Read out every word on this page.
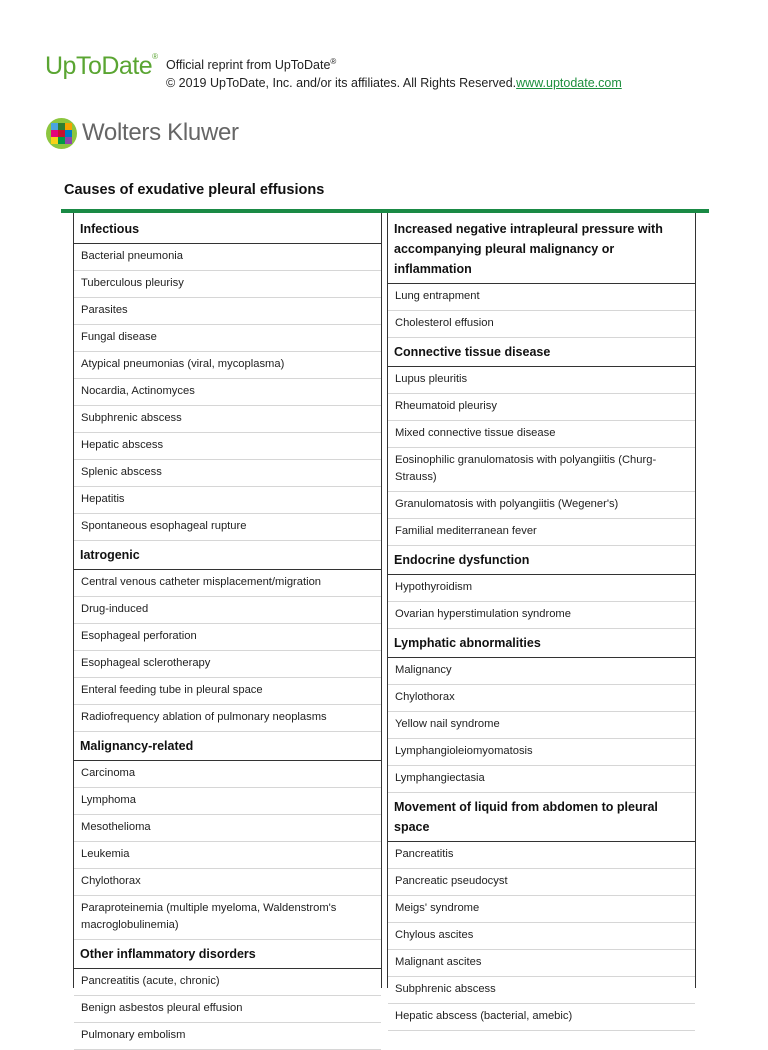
UpToDate®
Official reprint from UpToDate®
© 2019 UpToDate, Inc. and/or its affiliates. All Rights Reserved.www.uptodate.com
Wolters Kluwer
Causes of exudative pleural effusions
Infectious
Bacterial pneumonia
Tuberculous pleurisy
Parasites
Fungal disease
Atypical pneumonias (viral, mycoplasma)
Nocardia, Actinomyces
Subphrenic abscess
Hepatic abscess
Splenic abscess
Hepatitis
Spontaneous esophageal rupture
Iatrogenic
Central venous catheter misplacement/migration
Drug-induced
Esophageal perforation
Esophageal sclerotherapy
Enteral feeding tube in pleural space
Radiofrequency ablation of pulmonary neoplasms
Malignancy-related
Carcinoma
Lymphoma
Mesothelioma
Leukemia
Chylothorax
Paraproteinemia (multiple myeloma, Waldenstrom's macroglobulinemia)
Other inflammatory disorders
Pancreatitis (acute, chronic)
Benign asbestos pleural effusion
Pulmonary embolism
Increased negative intrapleural pressure with accompanying pleural malignancy or inflammation
Lung entrapment
Cholesterol effusion
Connective tissue disease
Lupus pleuritis
Rheumatoid pleurisy
Mixed connective tissue disease
Eosinophilic granulomatosis with polyangiitis (Churg-Strauss)
Granulomatosis with polyangiitis (Wegener's)
Familial mediterranean fever
Endocrine dysfunction
Hypothyroidism
Ovarian hyperstimulation syndrome
Lymphatic abnormalities
Malignancy
Chylothorax
Yellow nail syndrome
Lymphangioleiomyomatosis
Lymphangiectasia
Movement of liquid from abdomen to pleural space
Pancreatitis
Pancreatic pseudocyst
Meigs' syndrome
Chylous ascites
Malignant ascites
Subphrenic abscess
Hepatic abscess (bacterial, amebic)
